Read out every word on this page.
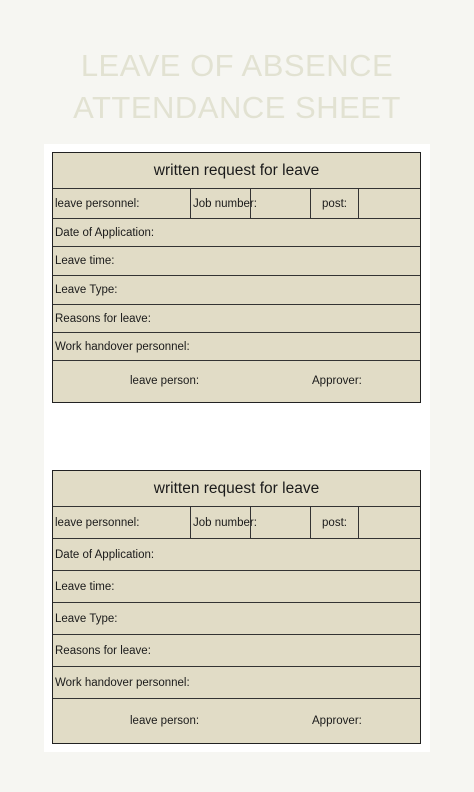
LEAVE OF ABSENCE
ATTENDANCE SHEET
written request for leave
leave personnel:	Job number:	post:
Date of Application:
Leave time:
Leave Type:
Reasons for leave:
Work handover personnel:
leave person:	Approver:
written request for leave
leave personnel:	Job number:	post:
Date of Application:
Leave time:
Leave Type:
Reasons for leave:
Work handover personnel:
leave person:	Approver:
